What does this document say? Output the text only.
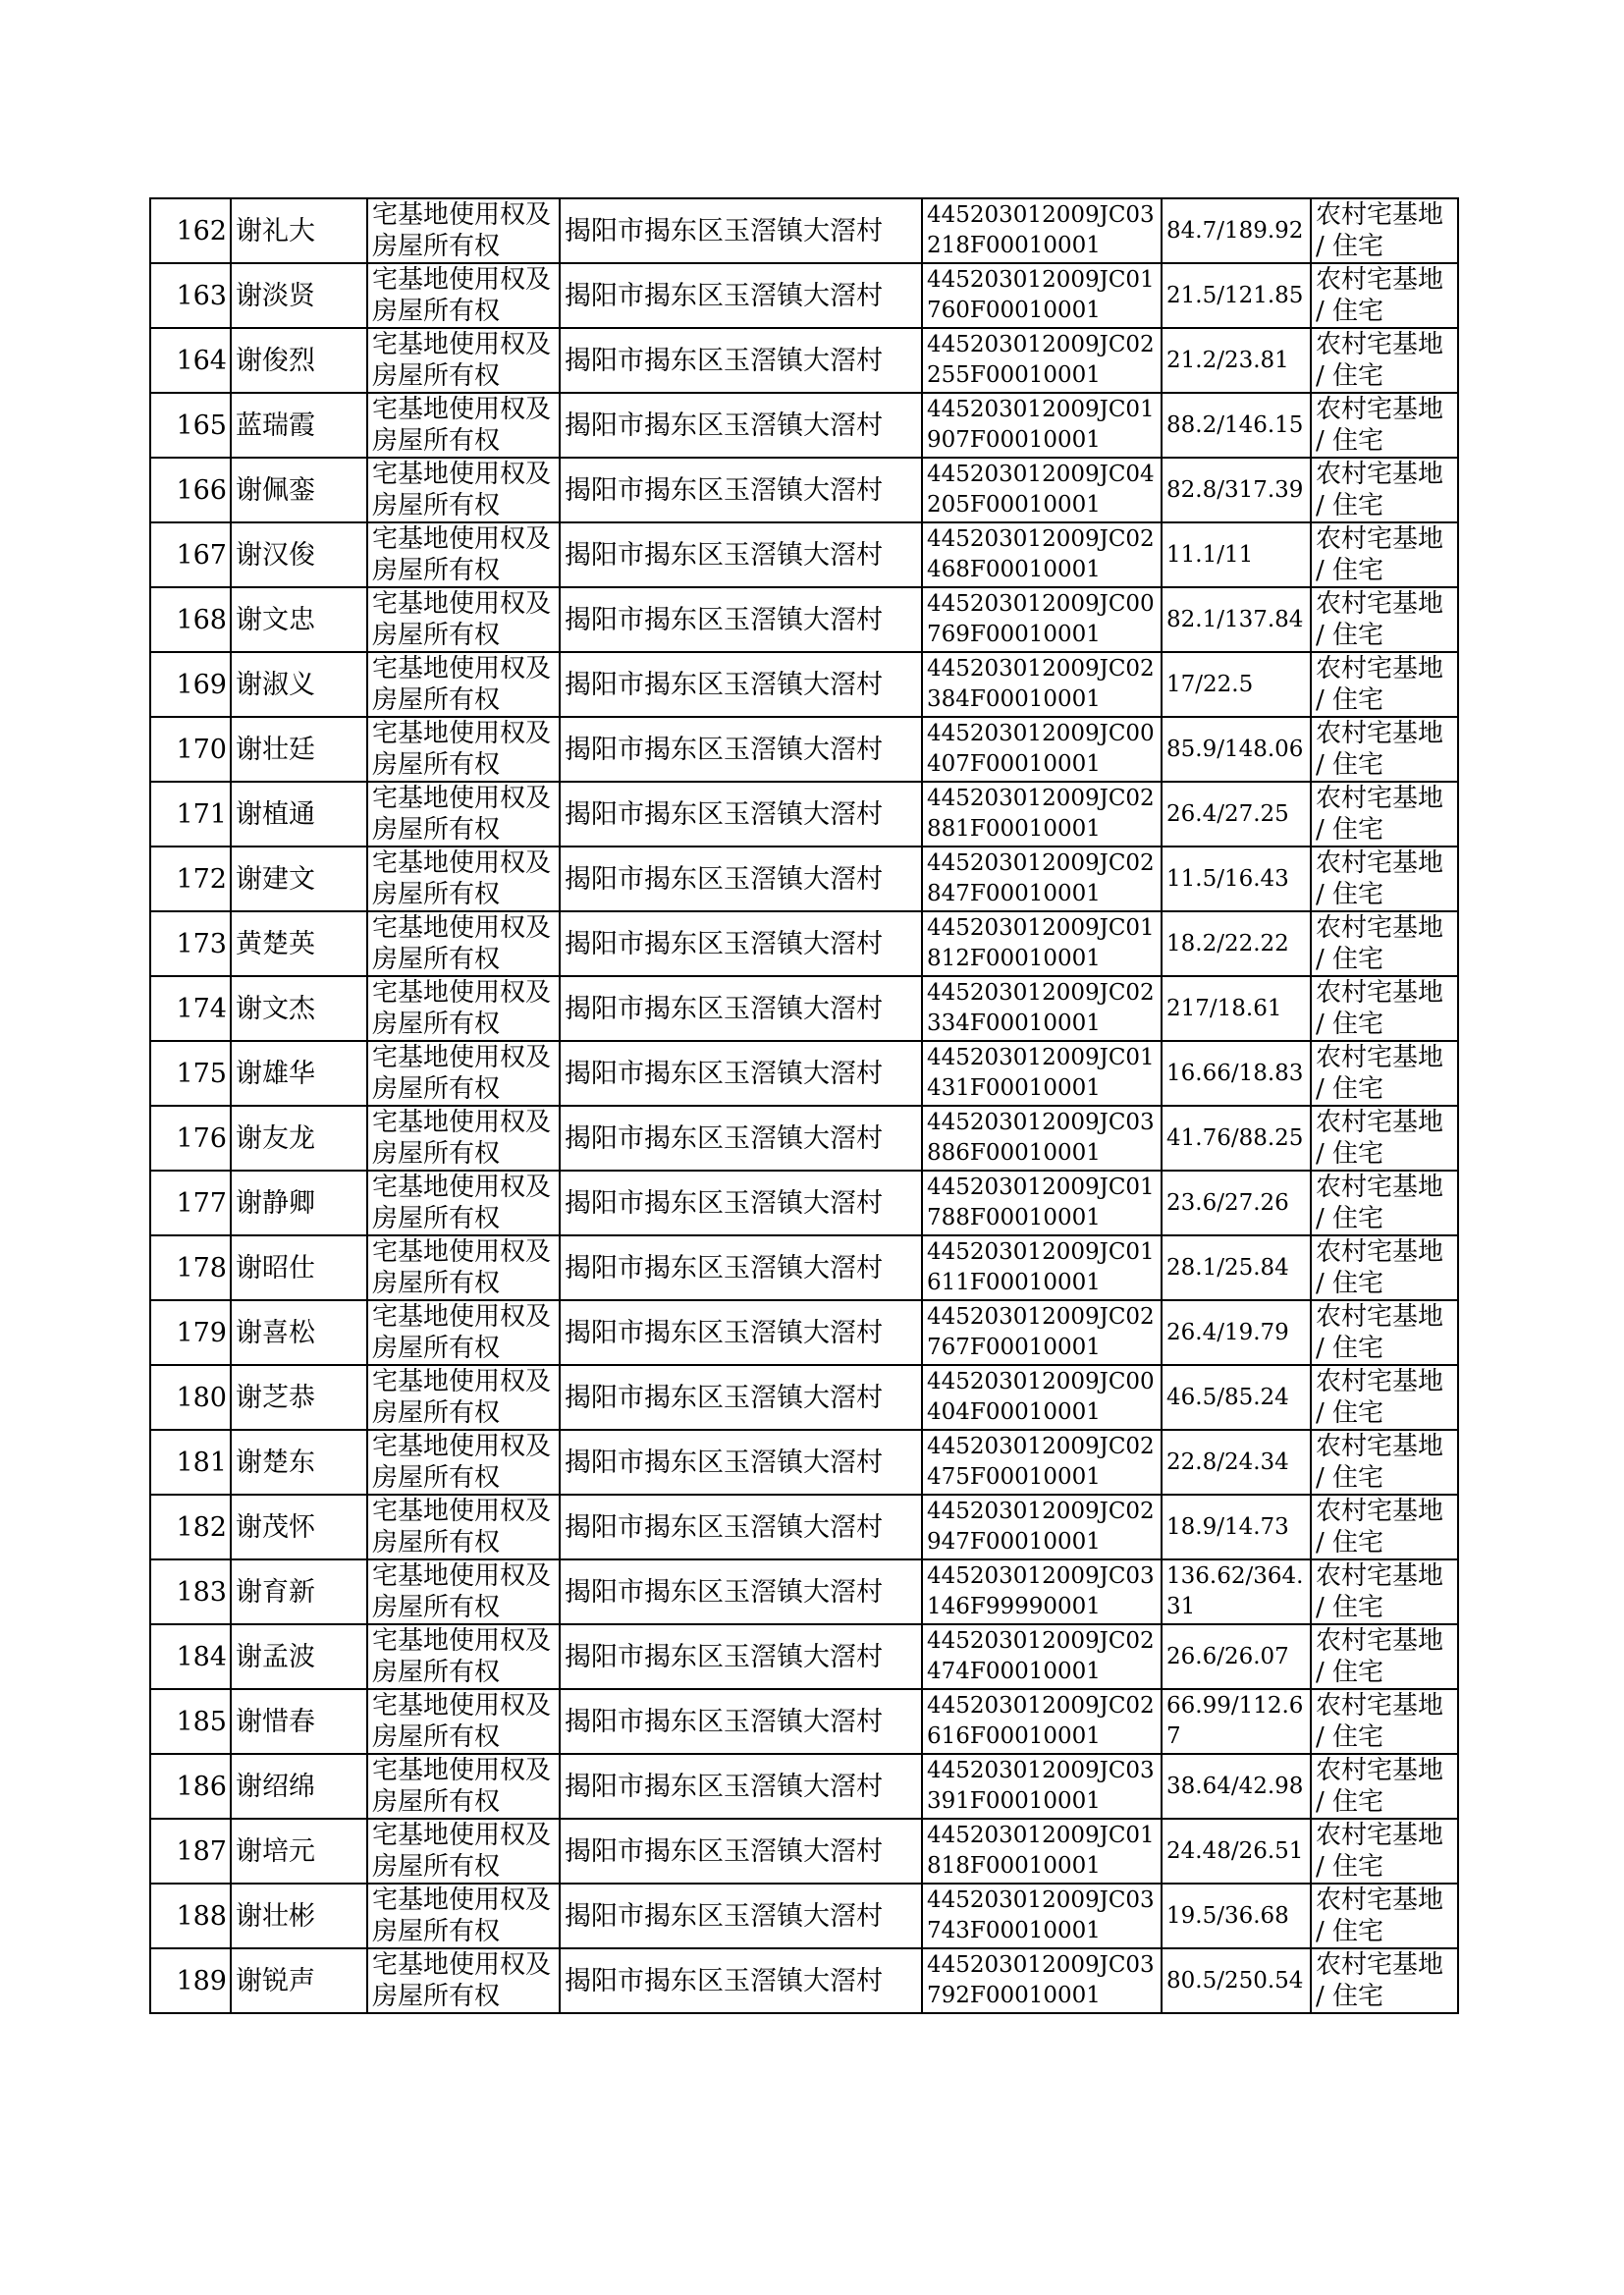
162	谢礼大	宅基地使用权及房屋所有权	揭阳市揭东区玉滘镇大滘村	445203012009JC03218F00010001	84.7/189.92	农村宅基地 / 住宅
163	谢淡贤	宅基地使用权及房屋所有权	揭阳市揭东区玉滘镇大滘村	445203012009JC01760F00010001	21.5/121.85	农村宅基地 / 住宅
164	谢俊烈	宅基地使用权及房屋所有权	揭阳市揭东区玉滘镇大滘村	445203012009JC02255F00010001	21.2/23.81	农村宅基地 / 住宅
165	蓝瑞霞	宅基地使用权及房屋所有权	揭阳市揭东区玉滘镇大滘村	445203012009JC01907F00010001	88.2/146.15	农村宅基地 / 住宅
166	谢佩銮	宅基地使用权及房屋所有权	揭阳市揭东区玉滘镇大滘村	445203012009JC04205F00010001	82.8/317.39	农村宅基地 / 住宅
167	谢汉俊	宅基地使用权及房屋所有权	揭阳市揭东区玉滘镇大滘村	445203012009JC02468F00010001	11.1/11	农村宅基地 / 住宅
168	谢文忠	宅基地使用权及房屋所有权	揭阳市揭东区玉滘镇大滘村	445203012009JC00769F00010001	82.1/137.84	农村宅基地 / 住宅
169	谢淑义	宅基地使用权及房屋所有权	揭阳市揭东区玉滘镇大滘村	445203012009JC02384F00010001	17/22.5	农村宅基地 / 住宅
170	谢壮廷	宅基地使用权及房屋所有权	揭阳市揭东区玉滘镇大滘村	445203012009JC00407F00010001	85.9/148.06	农村宅基地 / 住宅
171	谢植通	宅基地使用权及房屋所有权	揭阳市揭东区玉滘镇大滘村	445203012009JC02881F00010001	26.4/27.25	农村宅基地 / 住宅
172	谢建文	宅基地使用权及房屋所有权	揭阳市揭东区玉滘镇大滘村	445203012009JC02847F00010001	11.5/16.43	农村宅基地 / 住宅
173	黄楚英	宅基地使用权及房屋所有权	揭阳市揭东区玉滘镇大滘村	445203012009JC01812F00010001	18.2/22.22	农村宅基地 / 住宅
174	谢文杰	宅基地使用权及房屋所有权	揭阳市揭东区玉滘镇大滘村	445203012009JC02334F00010001	217/18.61	农村宅基地 / 住宅
175	谢雄华	宅基地使用权及房屋所有权	揭阳市揭东区玉滘镇大滘村	445203012009JC01431F00010001	16.66/18.83	农村宅基地 / 住宅
176	谢友龙	宅基地使用权及房屋所有权	揭阳市揭东区玉滘镇大滘村	445203012009JC03886F00010001	41.76/88.25	农村宅基地 / 住宅
177	谢静卿	宅基地使用权及房屋所有权	揭阳市揭东区玉滘镇大滘村	445203012009JC01788F00010001	23.6/27.26	农村宅基地 / 住宅
178	谢昭仕	宅基地使用权及房屋所有权	揭阳市揭东区玉滘镇大滘村	445203012009JC01611F00010001	28.1/25.84	农村宅基地 / 住宅
179	谢喜松	宅基地使用权及房屋所有权	揭阳市揭东区玉滘镇大滘村	445203012009JC02767F00010001	26.4/19.79	农村宅基地 / 住宅
180	谢芝恭	宅基地使用权及房屋所有权	揭阳市揭东区玉滘镇大滘村	445203012009JC00404F00010001	46.5/85.24	农村宅基地 / 住宅
181	谢楚东	宅基地使用权及房屋所有权	揭阳市揭东区玉滘镇大滘村	445203012009JC02475F00010001	22.8/24.34	农村宅基地 / 住宅
182	谢茂怀	宅基地使用权及房屋所有权	揭阳市揭东区玉滘镇大滘村	445203012009JC02947F00010001	18.9/14.73	农村宅基地 / 住宅
183	谢育新	宅基地使用权及房屋所有权	揭阳市揭东区玉滘镇大滘村	445203012009JC03146F99990001	136.62/364.31	农村宅基地 / 住宅
184	谢孟波	宅基地使用权及房屋所有权	揭阳市揭东区玉滘镇大滘村	445203012009JC02474F00010001	26.6/26.07	农村宅基地 / 住宅
185	谢惜春	宅基地使用权及房屋所有权	揭阳市揭东区玉滘镇大滘村	445203012009JC02616F00010001	66.99/112.67	农村宅基地 / 住宅
186	谢绍绵	宅基地使用权及房屋所有权	揭阳市揭东区玉滘镇大滘村	445203012009JC03391F00010001	38.64/42.98	农村宅基地 / 住宅
187	谢培元	宅基地使用权及房屋所有权	揭阳市揭东区玉滘镇大滘村	445203012009JC01818F00010001	24.48/26.51	农村宅基地 / 住宅
188	谢壮彬	宅基地使用权及房屋所有权	揭阳市揭东区玉滘镇大滘村	445203012009JC03743F00010001	19.5/36.68	农村宅基地 / 住宅
189	谢锐声	宅基地使用权及房屋所有权	揭阳市揭东区玉滘镇大滘村	445203012009JC03792F00010001	80.5/250.54	农村宅基地 / 住宅
